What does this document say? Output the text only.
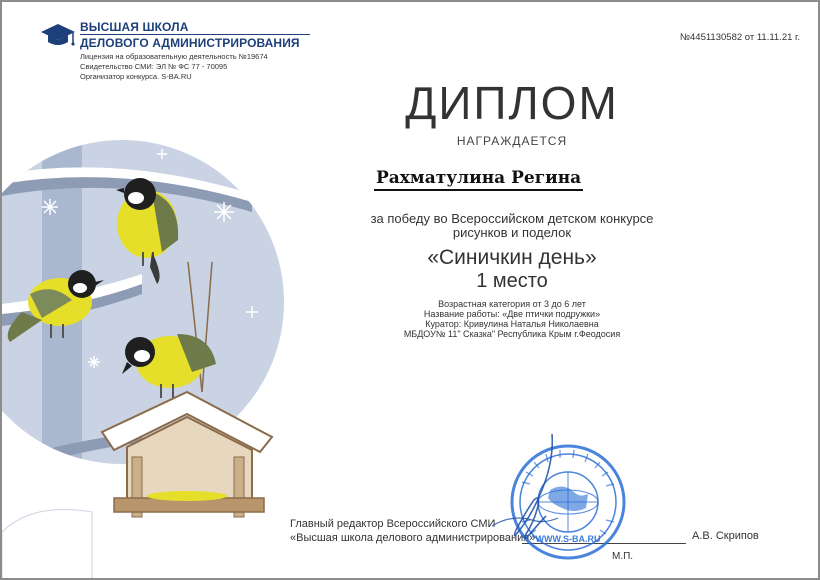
ВЫСШАЯ ШКОЛА
ДЕЛОВОГО АДМИНИСТРИРОВАНИЯ
Лицензия на образовательную деятельность №19674
Свидетельство СМИ: ЭЛ № ФС 77 - 70095
Организатор конкурса. S-BA.RU
№4451130582 от 11.11.21 г.
ДИПЛОМ
НАГРАЖДАЕТСЯ
Рахматулина Регина
за победу во Всероссийском детском конкурсе
рисунков и поделок
«Синичкин день»
1 место
Возрастная категория от 3 до 6 лет
Название работы: «Две птички подружки»
Куратор: Кривулина Наталья Николаевна
МБДОУ№ 11" Сказка" Республика Крым г.Феодосия
Главный редактор Всероссийского СМИ
«Высшая школа делового администрирования»	А.В. Скрипов
М.П.
WWW.S-BA.RU
